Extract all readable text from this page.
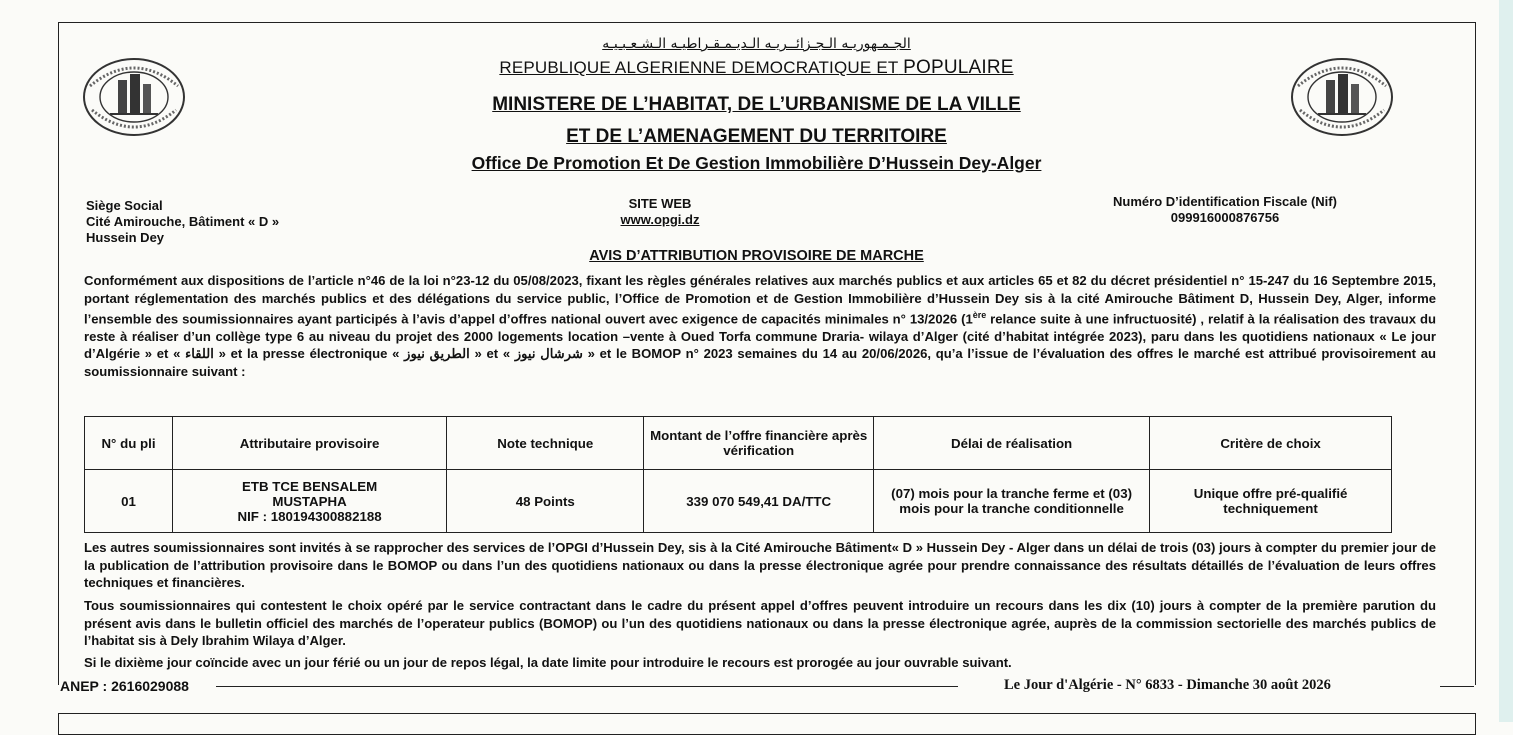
الجـمـهوريـه الـجـزائــريـه الـديـمـقـراطيـه الـشـعـبـيـه
REPUBLIQUE ALGERIENNE DEMOCRATIQUE ET POPULAIRE
MINISTERE DE L’HABITAT, DE L’URBANISME DE LA VILLE
ET DE L’AMENAGEMENT DU TERRITOIRE
Office De Promotion Et De Gestion Immobilière D’Hussein Dey-Alger
Siège Social
Cité Amirouche, Bâtiment « D »
Hussein Dey
SITE WEB
www.opgi.dz
Numéro D’identification Fiscale (Nif)
099916000876756
AVIS D’ATTRIBUTION PROVISOIRE DE MARCHE
Conformément aux dispositions de l’article n°46 de la loi n°23-12 du 05/08/2023, fixant les règles générales relatives aux marchés publics et aux articles 65 et 82 du décret présidentiel n° 15-247 du 16 Septembre 2015, portant réglementation des marchés publics et des délégations du service public, l’Office de Promotion et de Gestion Immobilière d’Hussein Dey sis à la cité Amirouche Bâtiment D, Hussein Dey, Alger, informe l’ensemble des soumissionnaires ayant participés à l’avis d’appel d’offres national ouvert avec exigence de capacités minimales n° 13/2026 (1ère relance suite à une infructuosité) , relatif à la réalisation des travaux du reste à réaliser d’un collège type 6 au niveau du projet des 2000 logements location –vente à Oued Torfa commune Draria- wilaya d’Alger (cité d’habitat intégrée 2023), paru dans les quotidiens nationaux « Le jour d’Algérie » et « اللقاء » et la presse électronique « الطريق نيوز » et « شرشال نيوز » et le BOMOP n° 2023 semaines du 14 au 20/06/2026, qu’a l’issue de l’évaluation des offres le marché est attribué provisoirement au soumissionnaire suivant :
N° du pli	Attributaire provisoire	Note technique	Montant de l’offre financière après vérification	Délai de réalisation	Critère de choix
01	ETB TCE BENSALEM
MUSTAPHA
NIF : 180194300882188	48 Points	339 070 549,41 DA/TTC	(07) mois pour la tranche ferme et (03) mois pour la tranche conditionnelle	Unique offre pré-qualifié techniquement
Les autres soumissionnaires sont invités à se rapprocher des services de l’OPGI d’Hussein Dey, sis à la Cité Amirouche Bâtiment« D » Hussein Dey - Alger dans un délai de trois (03) jours à compter du premier jour de la publication de l’attribution provisoire dans le BOMOP ou dans l’un des quotidiens nationaux ou dans la presse électronique agrée pour prendre connaissance des résultats détaillés de l’évaluation de leurs offres techniques et financières.
Tous soumissionnaires qui contestent le choix opéré par le service contractant dans le cadre du présent appel d’offres peuvent introduire un recours dans les dix (10) jours à compter de la première parution du présent avis dans le bulletin officiel des marchés de l’operateur publics (BOMOP) ou l’un des quotidiens nationaux ou dans la presse électronique agrée, auprès de la commission sectorielle des marchés publics de l’habitat sis à Dely Ibrahim Wilaya d’Alger.
Si le dixième jour coïncide avec un jour férié ou un jour de repos légal, la date limite pour introduire le recours est prorogée au jour ouvrable suivant.
ANEP : 2616029088	Le Jour d'Algérie - N° 6833 - Dimanche 30 août 2026
